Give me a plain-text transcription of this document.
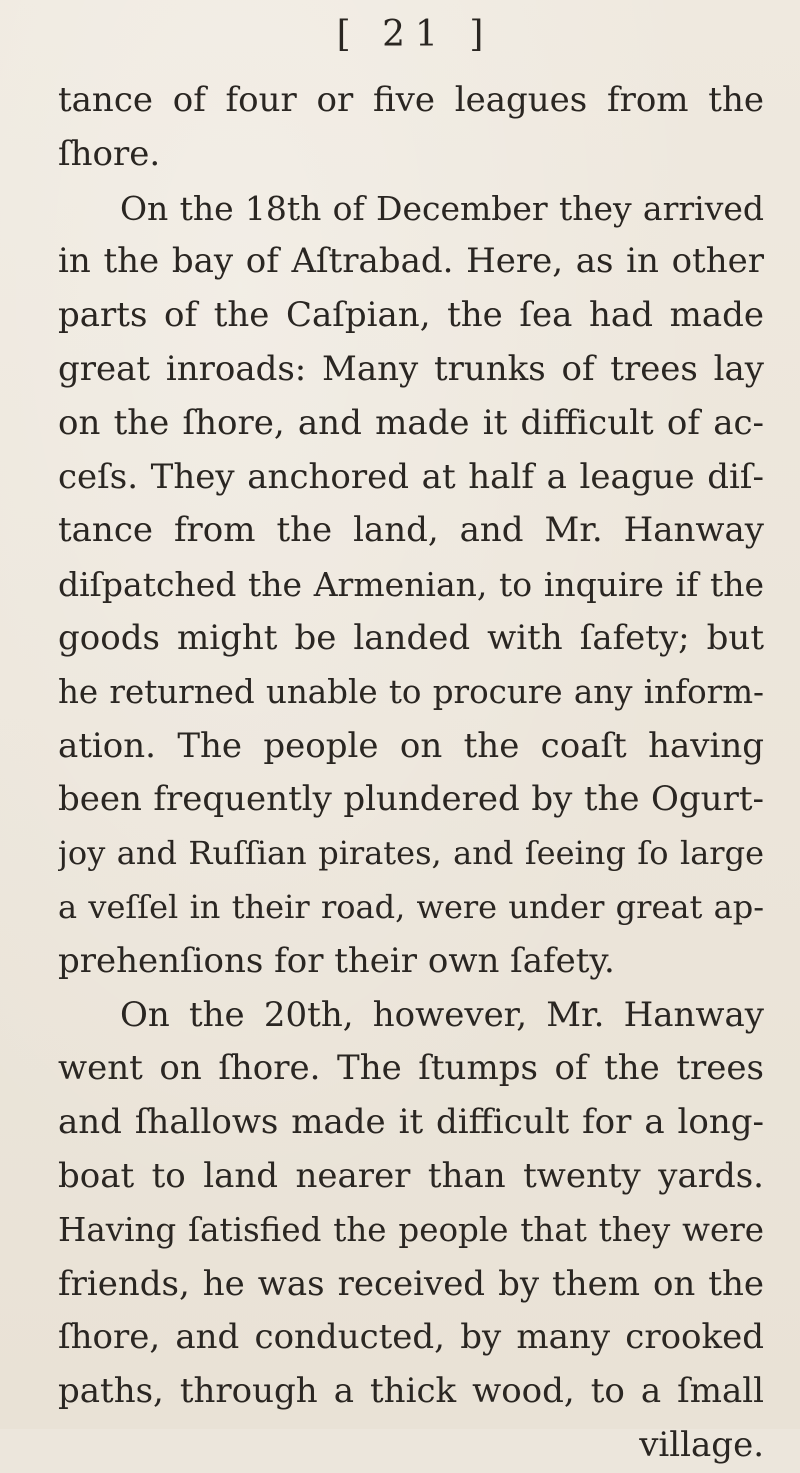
[ 21 ]
tance of four or five leagues from the
ſhore.
On the 18th of December they arrived
in the bay of Aſtrabad. Here, as in other
parts of the Caſpian, the ſea had made
great inroads: Many trunks of trees lay
on the ſhore, and made it difficult of ac-
ceſs. They anchored at half a league diſ-
tance from the land, and Mr. Hanway
diſpatched the Armenian, to inquire if the
goods might be landed with ſafety; but
he returned unable to procure any inform-
ation. The people on the coaſt having
been frequently plundered by the Ogurt-
joy and Ruſſian pirates, and ſeeing ſo large
a veſſel in their road, were under great ap-
prehenſions for their own ſafety.
On the 20th, however, Mr. Hanway
went on ſhore. The ſtumps of the trees
and ſhallows made it difficult for a long-
boat to land nearer than twenty yards.
Having ſatisfied the people that they were
friends, he was received by them on the
ſhore, and conducted, by many crooked
paths, through a thick wood, to a ſmall
village.
